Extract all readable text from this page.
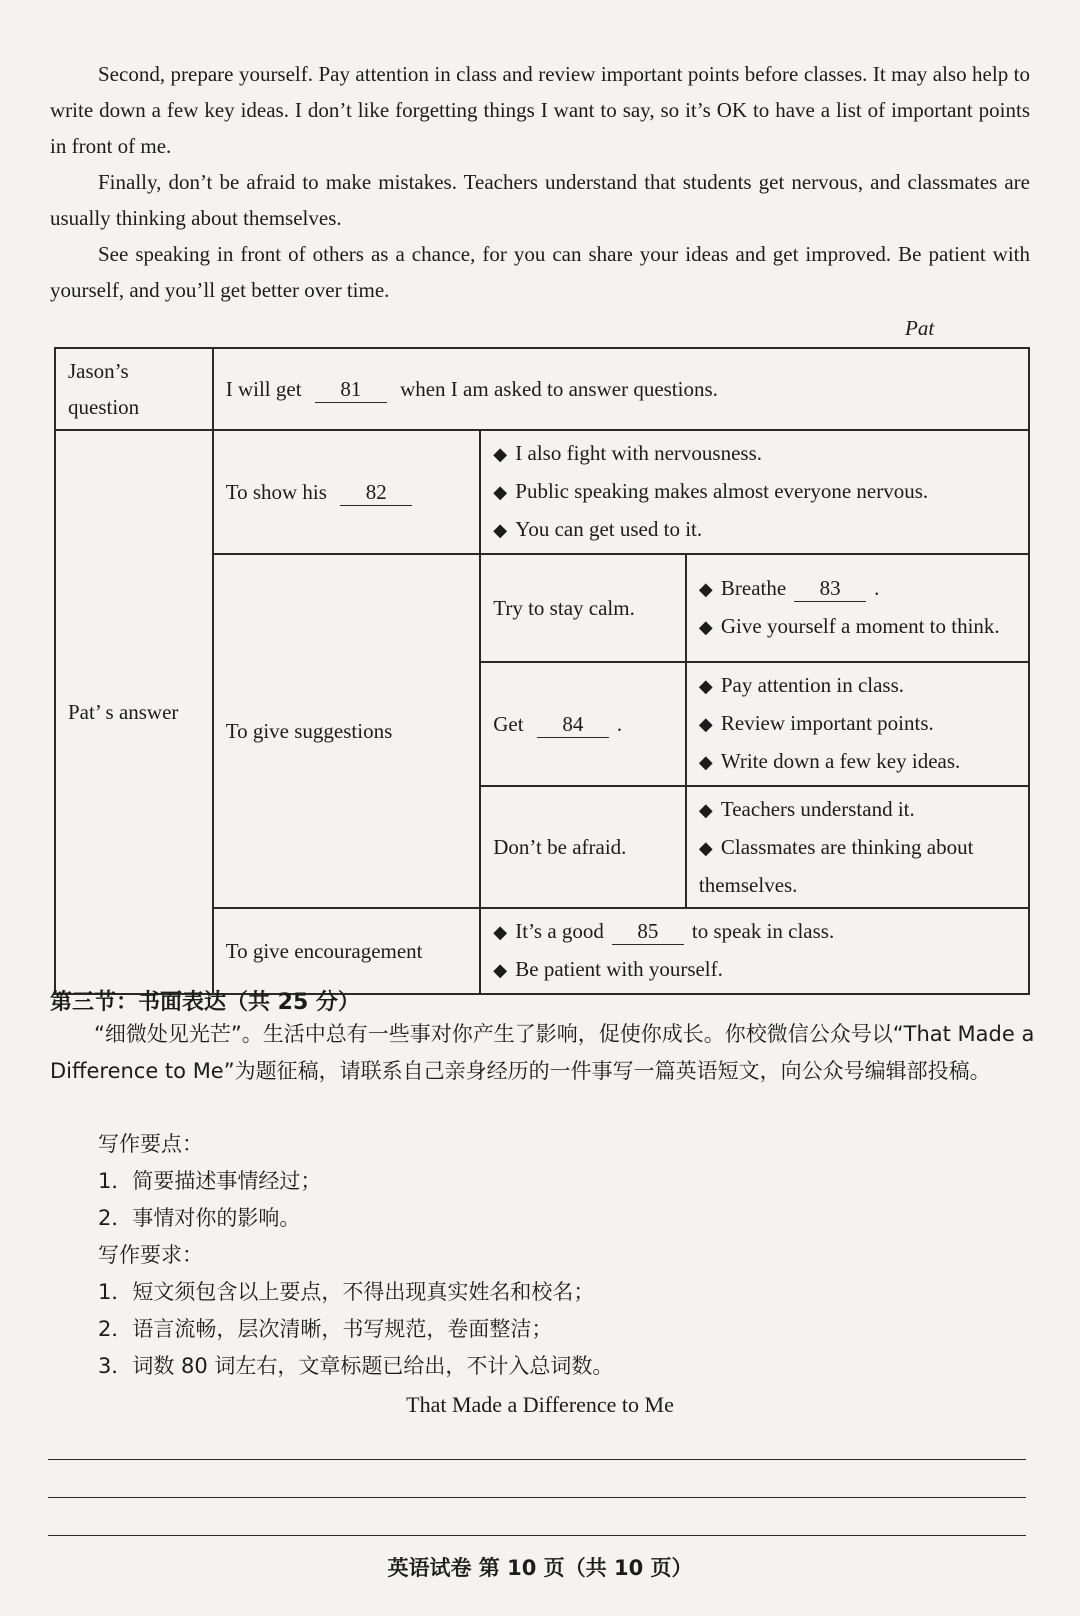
Second, prepare yourself. Pay attention in class and review important points before classes. It may also help to write down a few key ideas. I don’t like forgetting things I want to say, so it’s OK to have a list of important points in front of me.

Finally, don’t be afraid to make mistakes. Teachers understand that students get nervous, and classmates are usually thinking about themselves.

See speaking in front of others as a chance, for you can share your ideas and get improved. Be patient with yourself, and you’ll get better over time.

Pat
Jason’s question	I will get 81 when I am asked to answer questions.		
Pat’ s answer	To show his 82	◆ I also fight with nervousness.
◆ Public speaking makes almost everyone nervous.
◆ You can get used to it.	

	To give suggestions	Try to stay calm.	◆ Breathe 83 .
◆ Give yourself a moment to think.

		Get 84 .	◆ Pay attention in class.
◆ Review important points.
◆ Write down a few key ideas.

		Don’t be afraid.	◆ Teachers understand it.
◆ Classmates are thinking about themselves.

	To give encouragement	◆ It’s a good 85 to speak in class.
◆ Be patient with yourself.	
第三节：书面表达（共 25 分）
“细微处见光芒”。生活中总有一些事对你产生了影响，促使你成长。你校微信公众号以“That Made a Difference to Me”为题征稿，请联系自己亲身经历的一件事写一篇英语短文，向公众号编辑部投稿。
写作要点：
1．简要描述事情经过；
2．事情对你的影响。
写作要求：
1．短文须包含以上要点，不得出现真实姓名和校名；
2．语言流畅，层次清晰，书写规范，卷面整洁；
3．词数 80 词左右，文章标题已给出，不计入总词数。
That Made a Difference to Me
英语试卷 第 10 页（共 10 页）
